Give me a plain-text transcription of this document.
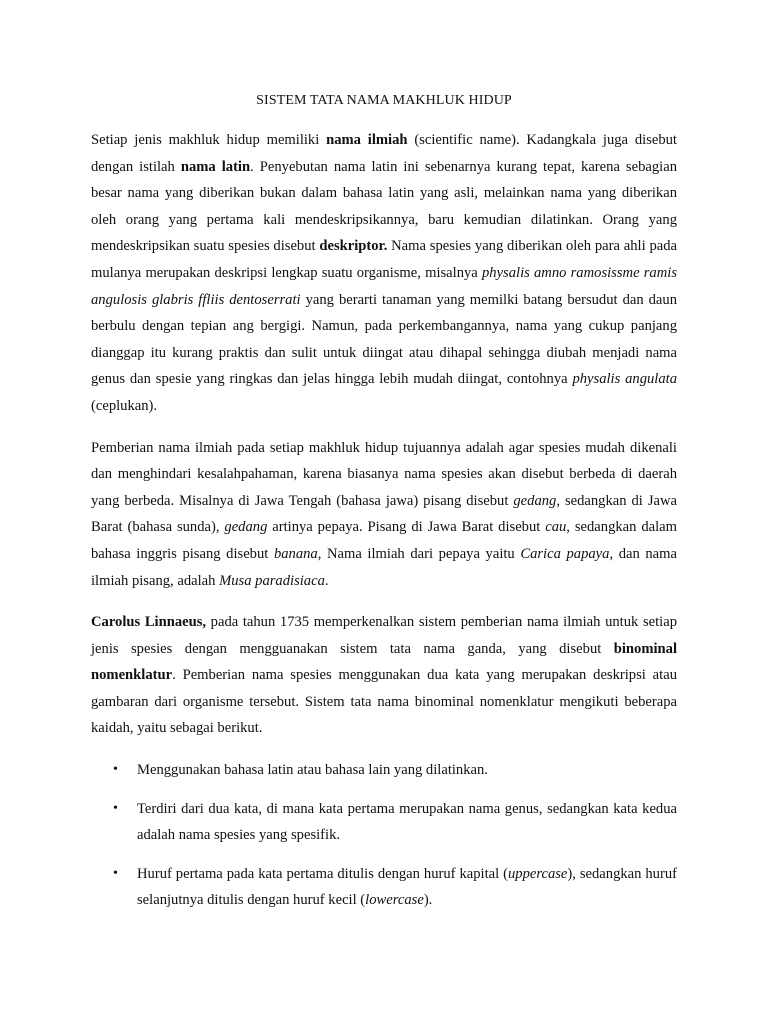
SISTEM TATA NAMA MAKHLUK HIDUP

Setiap jenis makhluk hidup memiliki nama ilmiah (scientific name). Kadangkala juga disebut dengan istilah nama latin. Penyebutan nama latin ini sebenarnya kurang tepat, karena sebagian besar nama yang diberikan bukan dalam bahasa latin yang asli, melainkan nama yang diberikan oleh orang yang pertama kali mendeskripsikannya, baru kemudian dilatinkan. Orang yang mendeskripsikan suatu spesies disebut deskriptor. Nama spesies yang diberikan oleh para ahli pada mulanya merupakan deskripsi lengkap suatu organisme, misalnya physalis amno ramosissme ramis angulosis glabris ffliis dentoserrati yang berarti tanaman yang memilki batang bersudut dan daun berbulu dengan tepian ang bergigi. Namun, pada perkembangannya, nama yang cukup panjang dianggap itu kurang praktis dan sulit untuk diingat atau dihapal sehingga diubah menjadi nama genus dan spesie yang ringkas dan jelas hingga lebih mudah diingat, contohnya physalis angulata (ceplukan).

Pemberian nama ilmiah pada setiap makhluk hidup tujuannya adalah agar spesies mudah dikenali dan menghindari kesalahpahaman, karena biasanya nama spesies akan disebut berbeda di daerah yang berbeda. Misalnya di Jawa Tengah (bahasa jawa) pisang disebut gedang, sedangkan di Jawa Barat (bahasa sunda), gedang artinya pepaya. Pisang di Jawa Barat disebut cau, sedangkan dalam bahasa inggris pisang disebut banana, Nama ilmiah dari pepaya yaitu Carica papaya, dan nama ilmiah pisang, adalah Musa paradisiaca.

Carolus Linnaeus, pada tahun 1735 memperkenalkan sistem pemberian nama ilmiah untuk setiap jenis spesies dengan mengguanakan sistem tata nama ganda, yang disebut binominal nomenklatur. Pemberian nama spesies menggunakan dua kata yang merupakan deskripsi atau gambaran dari organisme tersebut. Sistem tata nama binominal nomenklatur mengikuti beberapa kaidah, yaitu sebagai berikut.

• Menggunakan bahasa latin atau bahasa lain yang dilatinkan.
• Terdiri dari dua kata, di mana kata pertama merupakan nama genus, sedangkan kata kedua adalah nama spesies yang spesifik.
• Huruf pertama pada kata pertama ditulis dengan huruf kapital (uppercase), sedangkan huruf selanjutnya ditulis dengan huruf kecil (lowercase).
